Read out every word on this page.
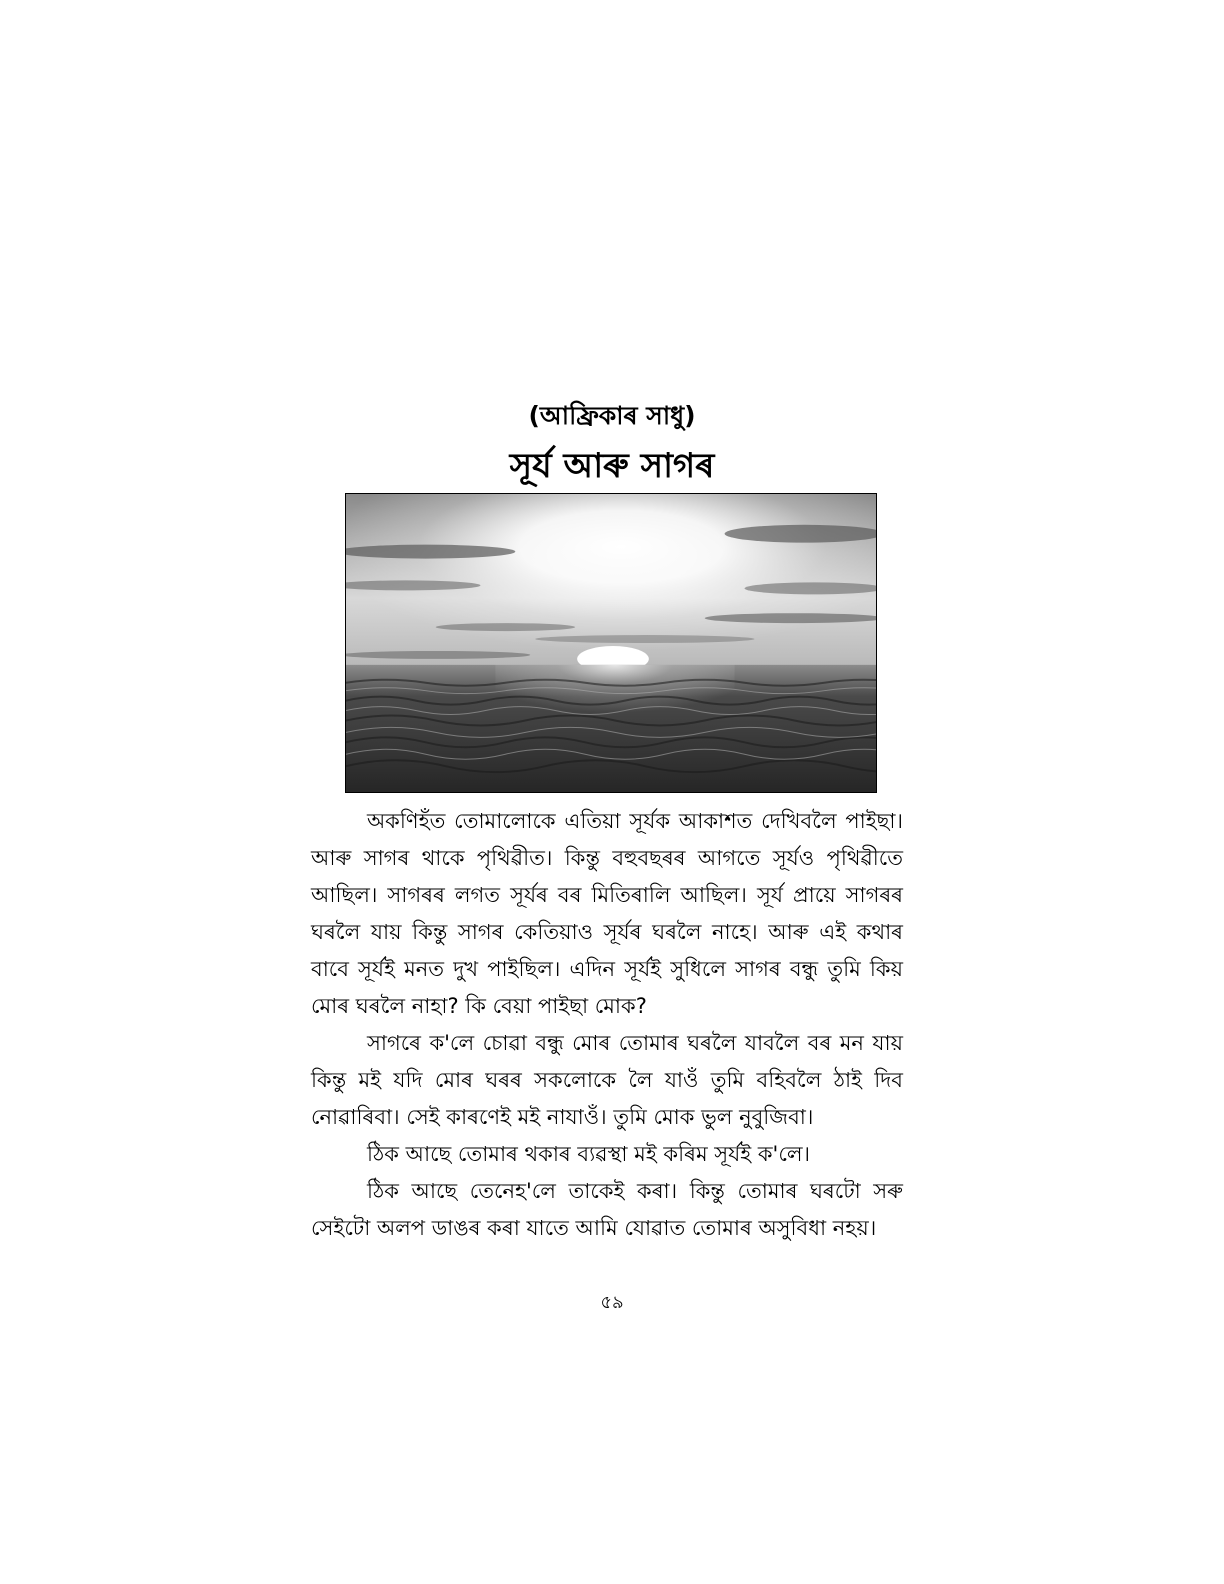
(আফ্ৰিকাৰ সাধু)
সূৰ্য আৰু সাগৰ

অকণিহঁত তোমালোকে এতিয়া সূৰ্যক আকাশত দেখিবলৈ পাইছা। আৰু সাগৰ থাকে পৃথিৱীত। কিন্তু বহুবছৰৰ আগতে সূৰ্যও পৃথিৱীতে আছিল। সাগৰৰ লগত সূৰ্যৰ বৰ মিতিৰালি আছিল। সূৰ্য প্ৰায়ে সাগৰৰ ঘৰলৈ যায় কিন্তু সাগৰ কেতিয়াও সূৰ্যৰ ঘৰলৈ নাহে। আৰু এই কথাৰ বাবে সূৰ্যই মনত দুখ পাইছিল। এদিন সূৰ্যই সুধিলে সাগৰ বন্ধু তুমি কিয় মোৰ ঘৰলৈ নাহা? কি বেয়া পাইছা মোক?

সাগৰে ক'লে চোৱা বন্ধু মোৰ তোমাৰ ঘৰলৈ যাবলৈ বৰ মন যায় কিন্তু মই যদি মোৰ ঘৰৰ সকলোকে লৈ যাওঁ তুমি বহিবলৈ ঠাই দিব নোৱাৰিবা। সেই কাৰণেই মই নাযাওঁ। তুমি মোক ভুল নুবুজিবা।

ঠিক আছে তোমাৰ থকাৰ ব্যৱস্থা মই কৰিম সূৰ্যই ক'লে।

ঠিক আছে তেনেহ'লে তাকেই কৰা। কিন্তু তোমাৰ ঘৰটো সৰু সেইটো অলপ ডাঙৰ কৰা যাতে আমি যোৱাত তোমাৰ অসুবিধা নহয়।

৫৯
